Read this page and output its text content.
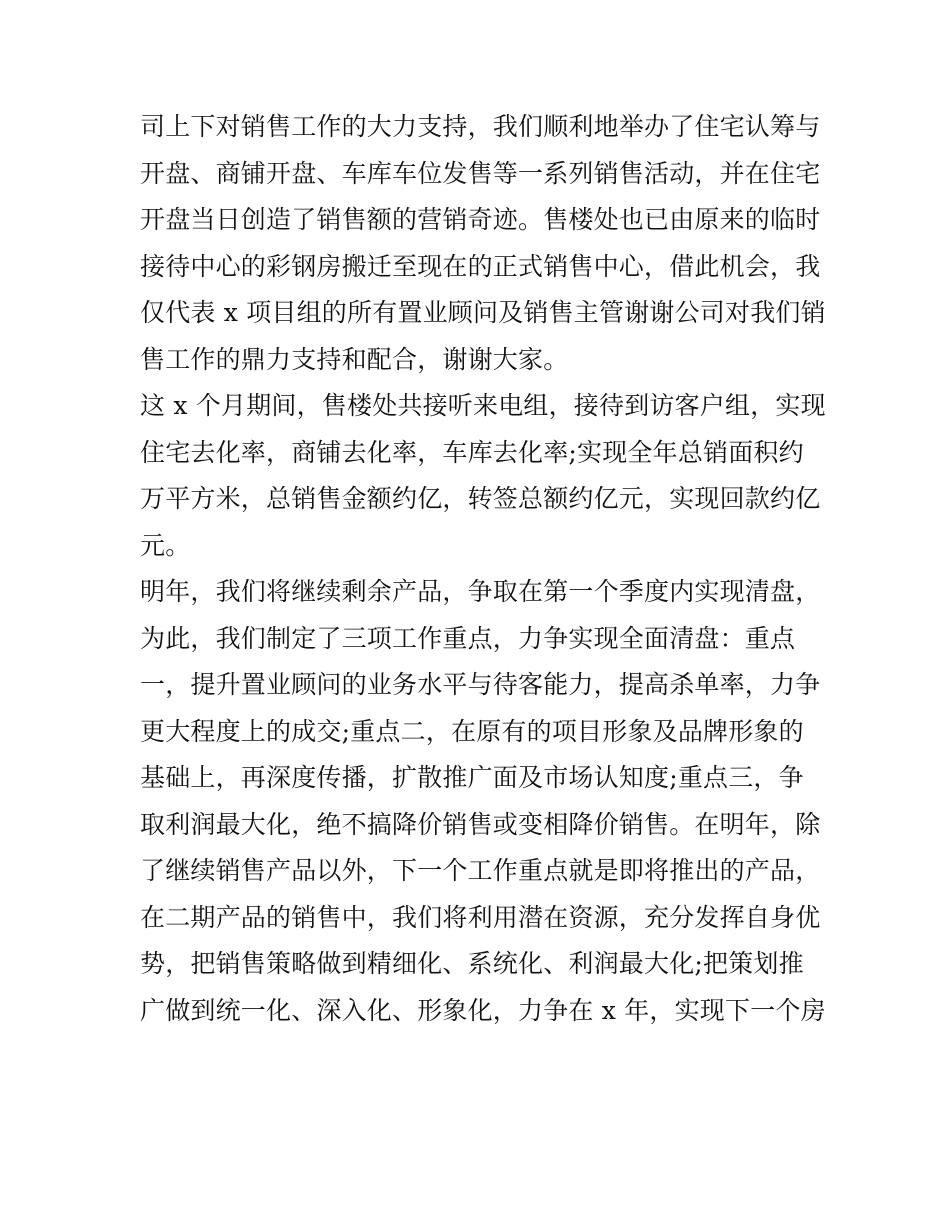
司上下对销售工作的大力支持，我们顺利地举办了住宅认筹与
开盘、商铺开盘、车库车位发售等一系列销售活动，并在住宅
开盘当日创造了销售额的营销奇迹。售楼处也已由原来的临时
接待中心的彩钢房搬迁至现在的正式销售中心，借此机会，我
仅代表 x 项目组的所有置业顾问及销售主管谢谢公司对我们销
售工作的鼎力支持和配合，谢谢大家。
这 x 个月期间，售楼处共接听来电组，接待到访客户组，实现
住宅去化率，商铺去化率，车库去化率;实现全年总销面积约
万平方米，总销售金额约亿，转签总额约亿元，实现回款约亿
元。
明年，我们将继续剩余产品，争取在第一个季度内实现清盘，
为此，我们制定了三项工作重点，力争实现全面清盘：重点
一，提升置业顾问的业务水平与待客能力，提高杀单率，力争
更大程度上的成交;重点二，在原有的项目形象及品牌形象的
基础上，再深度传播，扩散推广面及市场认知度;重点三，争
取利润最大化，绝不搞降价销售或变相降价销售。在明年，除
了继续销售产品以外，下一个工作重点就是即将推出的产品，
在二期产品的销售中，我们将利用潜在资源，充分发挥自身优
势，把销售策略做到精细化、系统化、利润最大化;把策划推
广做到统一化、深入化、形象化，力争在 x 年，实现下一个房
